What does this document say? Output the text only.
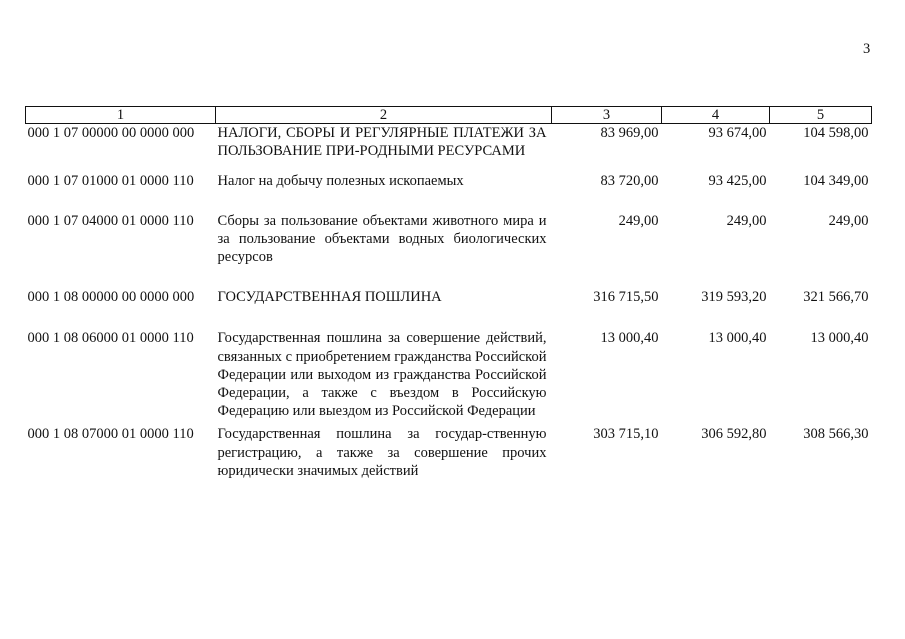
3
1	2	3	4	5
000 1 07 00000 00 0000 000	НАЛОГИ, СБОРЫ И РЕГУЛЯРНЫЕ ПЛАТЕЖИ ЗА ПОЛЬЗОВАНИЕ ПРИ-РОДНЫМИ РЕСУРСАМИ	83 969,00	93 674,00	104 598,00
000 1 07 01000 01 0000 110	Налог на добычу полезных ископаемых	83 720,00	93 425,00	104 349,00
000 1 07 04000 01 0000 110	Сборы за пользование объектами животного мира и за пользование объектами водных биологических ресурсов	249,00	249,00	249,00
000 1 08 00000 00 0000 000	ГОСУДАРСТВЕННАЯ ПОШЛИНА	316 715,50	319 593,20	321 566,70
000 1 08 06000 01 0000 110	Государственная пошлина за совершение действий, связанных с приобретением гражданства Российской Федерации или выходом из гражданства Российской Федерации, а также с въездом в Российскую Федерацию или выездом из Российской Федерации	13 000,40	13 000,40	13 000,40
000 1 08 07000 01 0000 110	Государственная пошлина за государ-ственную регистрацию, а также за совершение прочих юридически значимых действий	303 715,10	306 592,80	308 566,30
